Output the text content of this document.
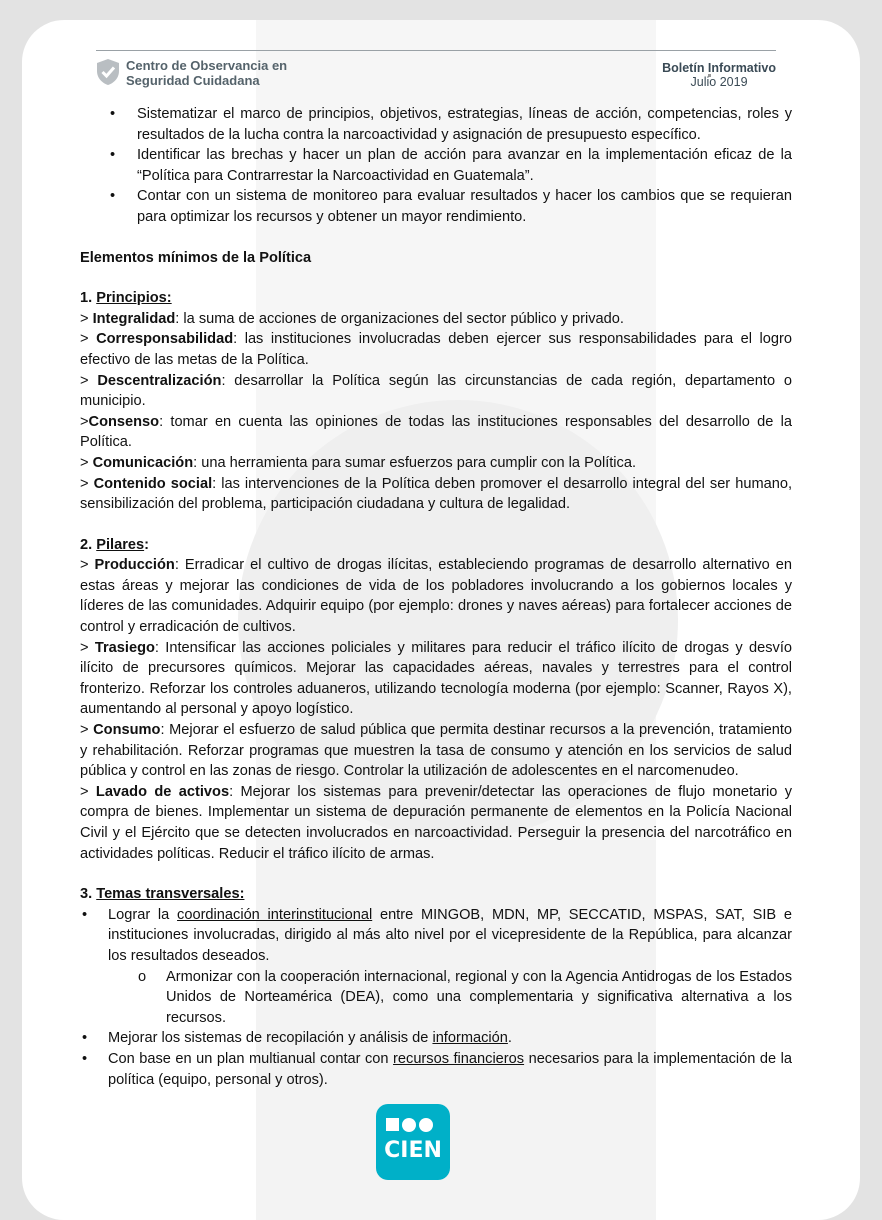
Centro de Observancia en
Seguridad Cuidadana
Boletín Informativo
Julio 2019
• Sistematizar el marco de principios, objetivos, estrategias, líneas de acción, competencias, roles y resultados de la lucha contra la narcoactividad y asignación de presupuesto específico.
• Identificar las brechas y hacer un plan de acción para avanzar en la implementación eficaz de la “Política para Contrarrestar la Narcoactividad en Guatemala”.
• Contar con un sistema de monitoreo para evaluar resultados y hacer los cambios que se requieran para optimizar los recursos y obtener un mayor rendimiento.

Elementos mínimos de la Política

1. Principios:

> Integralidad: la suma de acciones de organizaciones del sector público y privado.

> Corresponsabilidad: las instituciones involucradas deben ejercer sus responsabilidades para el logro efectivo de las metas de la Política.

> Descentralización: desarrollar la Política según las circunstancias de cada región, departamento o municipio.

>Consenso: tomar en cuenta las opiniones de todas las instituciones responsables del desarrollo de la Política.

> Comunicación: una herramienta para sumar esfuerzos para cumplir con la Política.

> Contenido social: las intervenciones de la Política deben promover el desarrollo integral del ser humano, sensibilización del problema, participación ciudadana y cultura de legalidad.

2. Pilares:

> Producción: Erradicar el cultivo de drogas ilícitas, estableciendo programas de desarrollo alternativo en estas áreas y mejorar las condiciones de vida de los pobladores involucrando a los gobiernos locales y líderes de las comunidades. Adquirir equipo (por ejemplo: drones y naves aéreas) para fortalecer acciones de control y erradicación de cultivos.

> Trasiego: Intensificar las acciones policiales y militares para reducir el tráfico ilícito de drogas y desvío ilícito de precursores químicos. Mejorar las capacidades aéreas, navales y terrestres para el control fronterizo. Reforzar los controles aduaneros, utilizando tecnología moderna (por ejemplo: Scanner, Rayos X), aumentando al personal y apoyo logístico.

> Consumo: Mejorar el esfuerzo de salud pública que permita destinar recursos a la prevención, tratamiento y rehabilitación. Reforzar programas que muestren la tasa de consumo y atención en los servicios de salud pública y control en las zonas de riesgo. Controlar la utilización de adolescentes en el narcomenudeo.

> Lavado de activos: Mejorar los sistemas para prevenir/detectar las operaciones de flujo monetario y compra de bienes. Implementar un sistema de depuración permanente de elementos en la Policía Nacional Civil y el Ejército que se detecten involucrados en narcoactividad. Perseguir la presencia del narcotráfico en actividades políticas. Reducir el tráfico ilícito de armas.

3. Temas transversales:

• Lograr la coordinación interinstitucional entre MINGOB, MDN, MP, SECCATID, MSPAS, SAT, SIB e instituciones involucradas, dirigido al más alto nivel por el vicepresidente de la República, para alcanzar los resultados deseados.
o Armonizar con la cooperación internacional, regional y con la Agencia Antidrogas de los Estados Unidos de Norteamérica (DEA), como una complementaria y significativa alternativa a los recursos.
• Mejorar los sistemas de recopilación y análisis de información.
• Con base en un plan multianual contar con recursos financieros necesarios para la implementación de la política (equipo, personal y otros).
CIEN
